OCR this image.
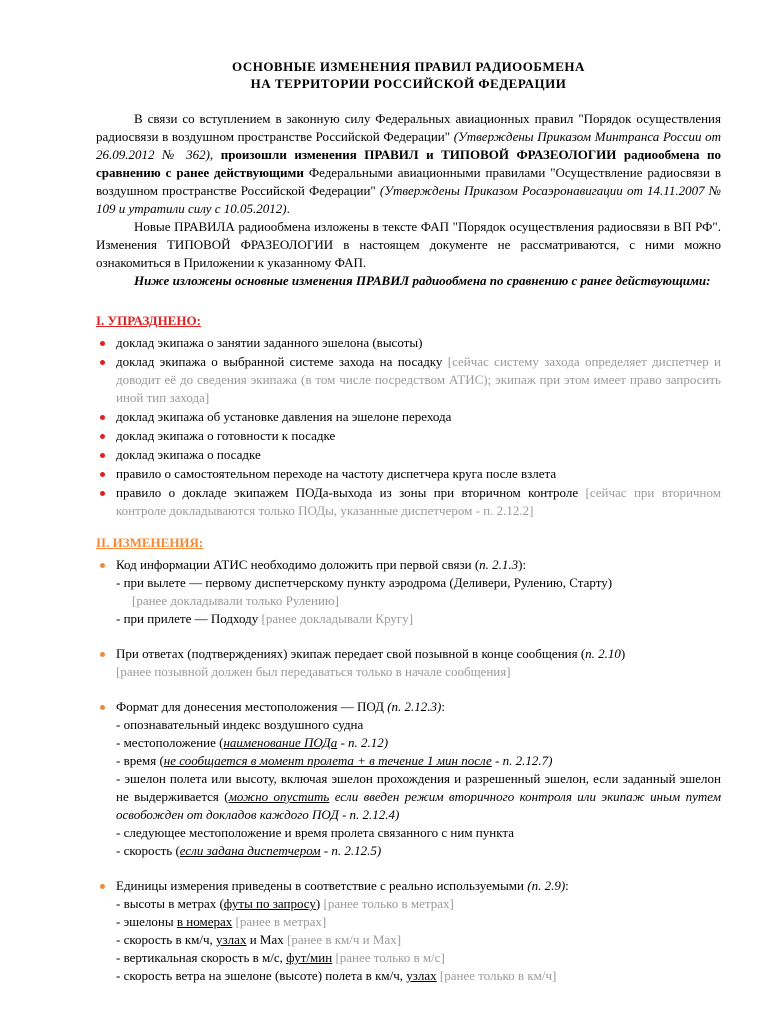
ОСНОВНЫЕ ИЗМЕНЕНИЯ ПРАВИЛ РАДИООБМЕНА
НА ТЕРРИТОРИИ РОССИЙСКОЙ ФЕДЕРАЦИИ

В связи со вступлением в законную силу Федеральных авиационных правил "Порядок осуществления радиосвязи в воздушном пространстве Российской Федерации" (Утверждены Приказом Минтранса России от 26.09.2012 № 362), произошли изменения ПРАВИЛ и ТИПОВОЙ ФРАЗЕОЛОГИИ радиообмена по сравнению с ранее действующими Федеральными авиационными правилами "Осуществление радиосвязи в воздушном пространстве Российской Федерации" (Утверждены Приказом Росаэронавигации от 14.11.2007 № 109 и утратили силу с 10.05.2012).

Новые ПРАВИЛА радиообмена изложены в тексте ФАП "Порядок осуществления радиосвязи в ВП РФ". Изменения ТИПОВОЙ ФРАЗЕОЛОГИИ в настоящем документе не рассматриваются, с ними можно ознакомиться в Приложении к указанному ФАП.

Ниже изложены основные изменения ПРАВИЛ радиообмена по сравнению с ранее действующими:

I. УПРАЗДНЕНО:
доклад экипажа о занятии заданного эшелона (высоты)
доклад экипажа о выбранной системе захода на посадку [сейчас систему захода определяет диспетчер и доводит её до сведения экипажа (в том числе посредством АТИС); экипаж при этом имеет право запросить иной тип захода]
доклад экипажа об установке давления на эшелоне перехода
доклад экипажа о готовности к посадке
доклад экипажа о посадке
правило о самостоятельном переходе на частоту диспетчера круга после взлета
правило о докладе экипажем ПОДа-выхода из зоны при вторичном контроле [сейчас при вторичном контроле докладываются только ПОДы, указанные диспетчером - п. 2.12.2]
II. ИЗМЕНЕНИЯ:
Код информации АТИС необходимо доложить при первой связи (п. 2.1.3):
- при вылете — первому диспетчерскому пункту аэродрома (Деливери, Рулению, Старту)
[ранее докладывали только Рулению]
- при прилете — Подходу [ранее докладывали Кругу]
При ответах (подтверждениях) экипаж передает свой позывной в конце сообщения (п. 2.10)
[ранее позывной должен был передаваться только в начале сообщения]
Формат для донесения местоположения — ПОД (п. 2.12.3):
- опознавательный индекс воздушного судна
- местоположение (наименование ПОДа - п. 2.12)
- время (не сообщается в момент пролета + в течение 1 мин после - п. 2.12.7)
- эшелон полета или высоту, включая эшелон прохождения и разрешенный эшелон, если заданный эшелон не выдерживается (можно опустить если введен режим вторичного контроля или экипаж иным путем освобожден от докладов каждого ПОД - п. 2.12.4)
- следующее местоположение и время пролета связанного с ним пункта
- скорость (если задана диспетчером - п. 2.12.5)
Единицы измерения приведены в соответствие с реально используемыми (п. 2.9):
- высоты в метрах (футы по запросу) [ранее только в метрах]
- эшелоны в номерах [ранее в метрах]
- скорость в км/ч, узлах и Мах [ранее в км/ч и Мах]
- вертикальная скорость в м/с, фут/мин [ранее только в м/с]
- скорость ветра на эшелоне (высоте) полета в км/ч, узлах [ранее только в км/ч]
